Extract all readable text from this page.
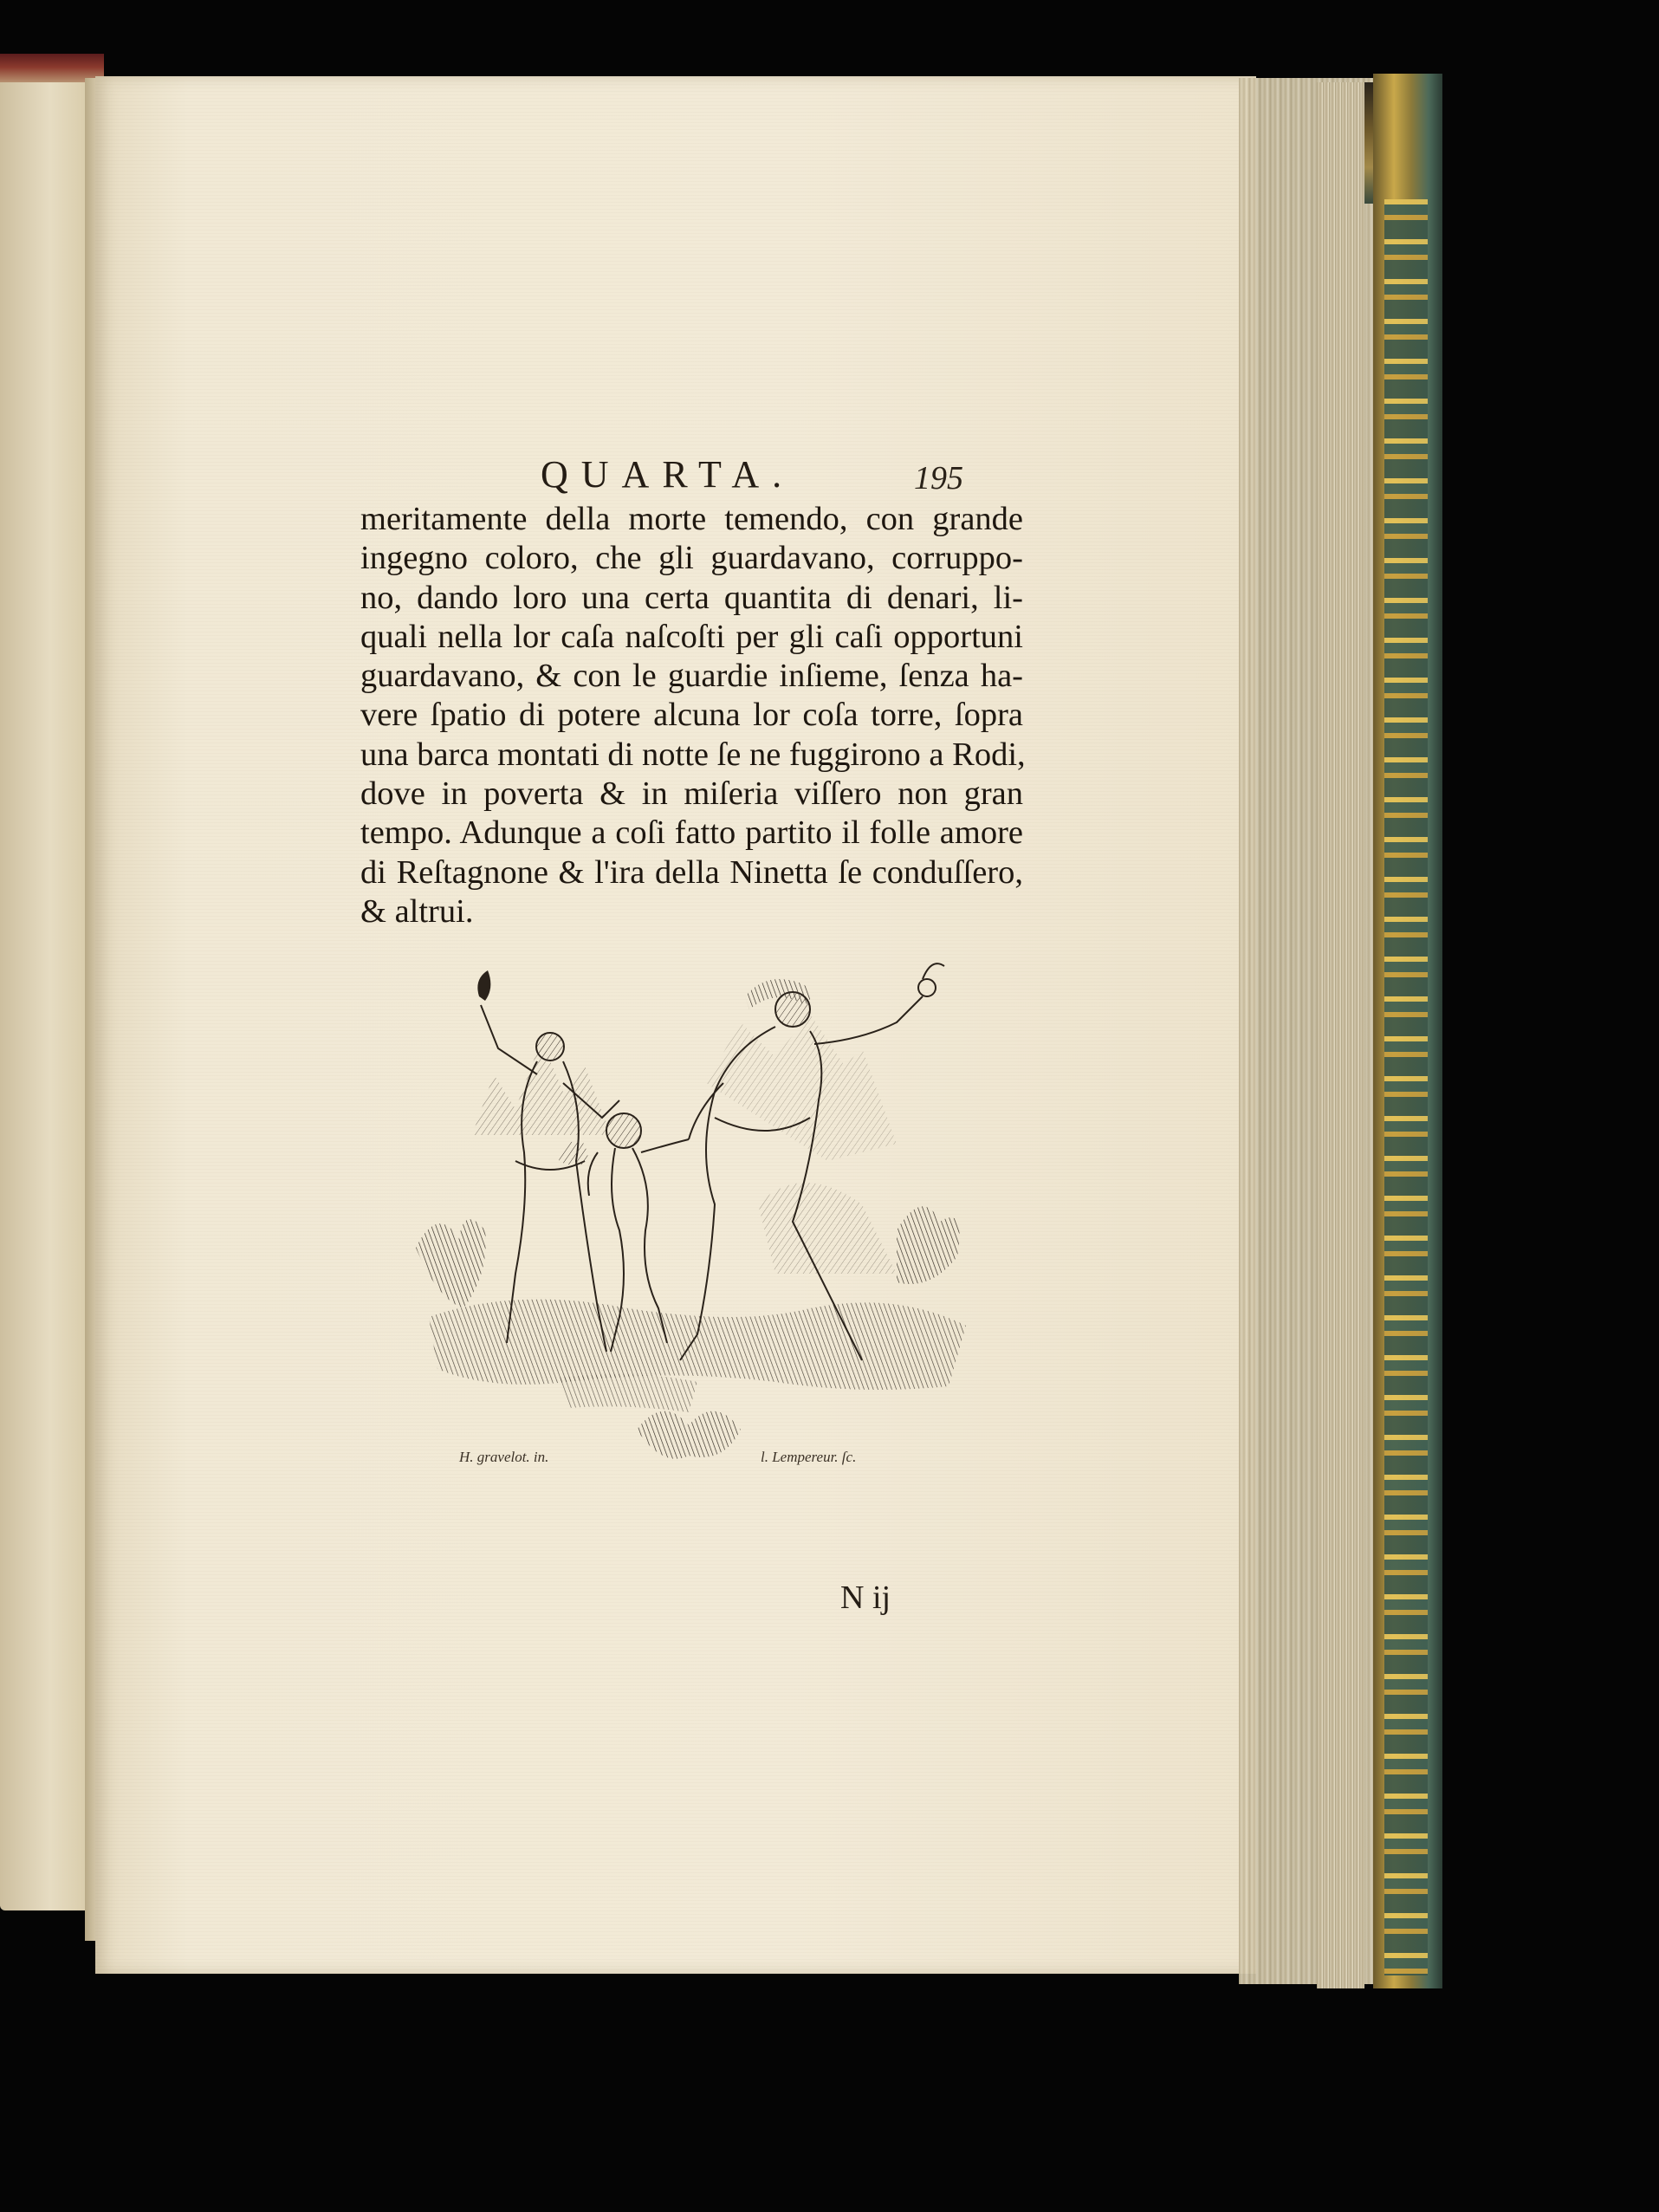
QUARTA.	195
meritamente della morte temendo, con grande
ingegno coloro, che gli guardavano, corruppo-
no, dando loro una certa quantita di denari, li-
quali nella lor caſa naſcoſti per gli caſi opportuni
guardavano, & con le guardie inſieme, ſenza ha-
vere ſpatio di potere alcuna lor coſa torre, ſopra
una barca montati di notte ſe ne fuggirono a Rodi,
dove in poverta & in miſeria viſſero non gran
tempo. Adunque a coſi fatto partito il folle amore
di Reſtagnone & l'ira della Ninetta ſe conduſſero,
& altrui.
H. gravelot. in.	l. Lempereur. ſc.
N ij
